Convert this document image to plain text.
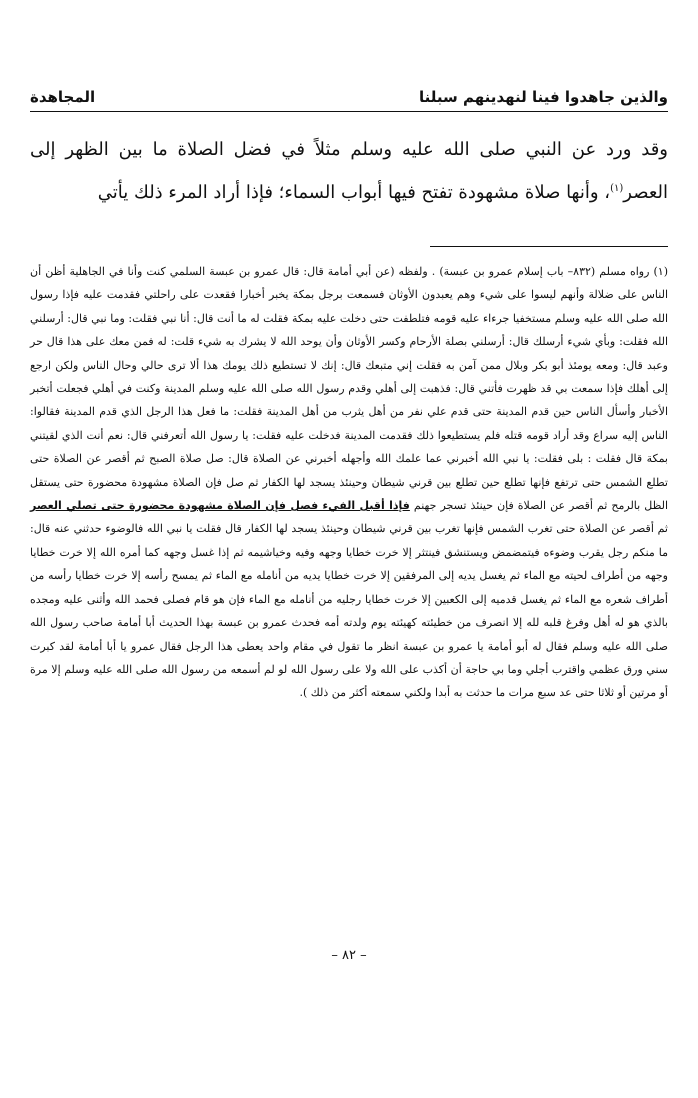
والذين جاهدوا فينا لنهدينهم سبلنا
المجاهدة
وقد ورد عن النبي صلى الله عليه وسلم مثلاً في فضل الصلاة ما بين الظهر إلى العصر$^{(١)}$، وأنها صلاة مشهودة تفتح فيها أبواب السماء؛ فإذا أراد المرء ذلك يأتي
(١) رواه مسلم (٨٣٢– باب إسلام عمرو بن عبسة) . ولفظه (عن أبي أمامة قال: قال عمرو بن عبسة السلمي كنت وأنا في الجاهلية أظن أن الناس على ضلالة وأنهم ليسوا على شيء وهم يعبدون الأوثان فسمعت برجل بمكة يخبر أخبارا فقعدت على راحلتي فقدمت عليه فإذا رسول الله صلى الله عليه وسلم مستخفيا جرءاء عليه قومه فتلطفت حتى دخلت عليه بمكة فقلت له ما أنت قال: أنا نبي فقلت: وما نبي قال: أرسلني الله فقلت: وبأي شيء أرسلك قال: أرسلني بصلة الأرحام وكسر الأوثان وأن يوحد الله لا يشرك به شيء قلت: له فمن معك على هذا قال حر وعبد قال: ومعه يومئذ أبو بكر وبلال ممن آمن به فقلت إني متبعك قال: إنك لا تستطيع ذلك يومك هذا ألا ترى حالي وحال الناس ولكن ارجع إلى أهلك فإذا سمعت بي قد ظهرت فأتني قال: فذهبت إلى أهلي وقدم رسول الله صلى الله عليه وسلم المدينة وكنت في أهلي فجعلت أتخبر الأخبار وأسأل الناس حين قدم المدينة حتى قدم علي نفر من أهل يثرب من أهل المدينة فقلت: ما فعل هذا الرجل الذي قدم المدينة فقالوا: الناس إليه سراع وقد أراد قومه قتله فلم يستطيعوا ذلك فقدمت المدينة فدخلت عليه فقلت: يا رسول الله أتعرفني قال: نعم أنت الذي لقيتني بمكة قال فقلت : بلى فقلت: يا نبي الله أخبرني عما علمك الله وأجهله أخبرني عن الصلاة قال: صل صلاة الصبح ثم أقصر عن الصلاة حتى تطلع الشمس حتى ترتفع فإنها تطلع حين تطلع بين قرني شيطان وحينئذ يسجد لها الكفار ثم صل فإن الصلاة مشهودة محضورة حتى يستقل الظل بالرمح ثم أقصر عن الصلاة فإن حينئذ تسجر جهنم فإذا أقبل الفيء فصل فإن الصلاة مشهودة محضورة حتى تصلي العصر ثم أقصر عن الصلاة حتى تغرب الشمس فإنها تغرب بين قرني شيطان وحينئذ يسجد لها الكفار قال فقلت يا نبي الله فالوضوء حدثني عنه قال: ما منكم رجل يقرب وضوءه فيتمضمض ويستنشق فينتثر إلا خرت خطايا وجهه وفيه وخياشيمه ثم إذا غسل وجهه كما أمره الله إلا خرت خطايا وجهه من أطراف لحيته مع الماء ثم يغسل يديه إلى المرفقين إلا خرت خطايا يديه من أنامله مع الماء ثم يمسح رأسه إلا خرت خطايا رأسه من أطراف شعره مع الماء ثم يغسل قدميه إلى الكعبين إلا خرت خطايا رجليه من أنامله مع الماء فإن هو قام فصلى فحمد الله وأثنى عليه ومجده بالذي هو له أهل وفرغ قلبه لله إلا انصرف من خطيئته كهيئته يوم ولدته أمه فحدث عمرو بن عبسة بهذا الحديث أبا أمامة صاحب رسول الله صلى الله عليه وسلم فقال له أبو أمامة يا عمرو بن عبسة انظر ما تقول في مقام واحد يعطى هذا الرجل فقال عمرو يا أبا أمامة لقد كبرت سني ورق عظمي واقترب أجلي وما بي حاجة أن أكذب على الله ولا على رسول الله لو لم أسمعه من رسول الله صلى الله عليه وسلم إلا مرة أو مرتين أو ثلاثا حتى عد سبع مرات ما حدثت به أبدا ولكني سمعته أكثر من ذلك ).
– ٨٢ –
